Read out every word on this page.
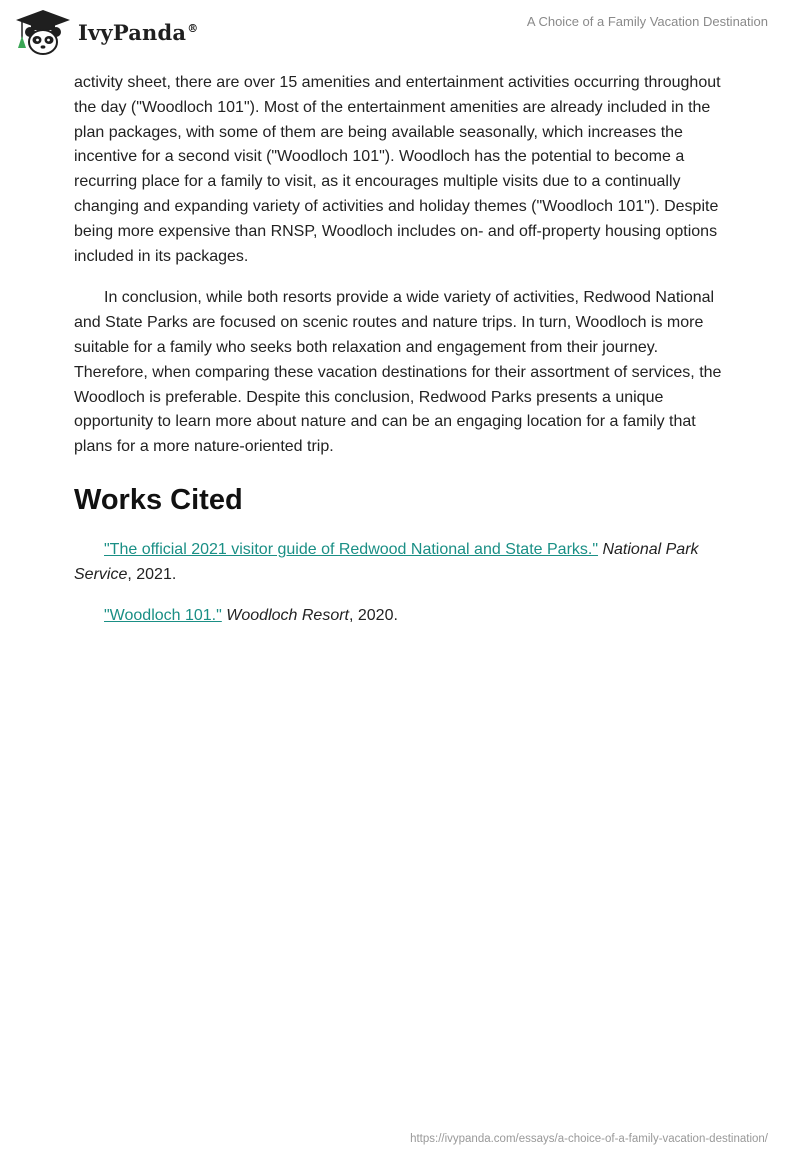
IvyPanda®	A Choice of a Family Vacation Destination

activity sheet, there are over 15 amenities and entertainment activities occurring throughout the day ("Woodloch 101"). Most of the entertainment amenities are already included in the plan packages, with some of them are being available seasonally, which increases the incentive for a second visit ("Woodloch 101"). Woodloch has the potential to become a recurring place for a family to visit, as it encourages multiple visits due to a continually changing and expanding variety of activities and holiday themes ("Woodloch 101"). Despite being more expensive than RNSP, Woodloch includes on- and off-property housing options included in its packages.

In conclusion, while both resorts provide a wide variety of activities, Redwood National and State Parks are focused on scenic routes and nature trips. In turn, Woodloch is more suitable for a family who seeks both relaxation and engagement from their journey. Therefore, when comparing these vacation destinations for their assortment of services, the Woodloch is preferable. Despite this conclusion, Redwood Parks presents a unique opportunity to learn more about nature and can be an engaging location for a family that plans for a more nature-oriented trip.

Works Cited

"The official 2021 visitor guide of Redwood National and State Parks." National Park Service, 2021.

"Woodloch 101." Woodloch Resort, 2020.

https://ivypanda.com/essays/a-choice-of-a-family-vacation-destination/
